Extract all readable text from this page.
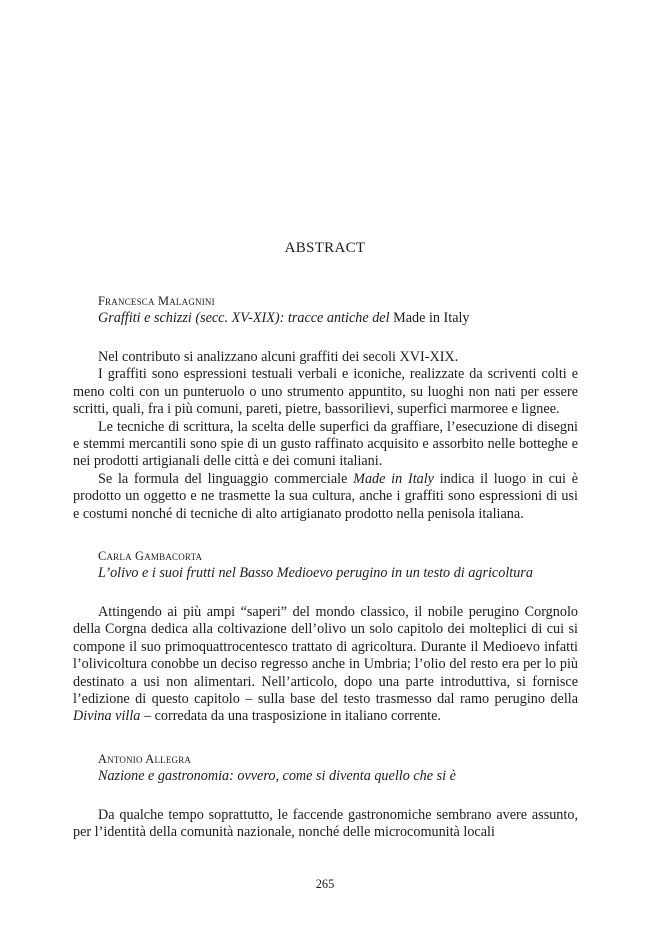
ABSTRACT
Francesca Malagnini
Graffiti e schizzi (secc. XV-XIX): tracce antiche del Made in Italy

Nel contributo si analizzano alcuni graffiti dei secoli XVI-XIX.

I graffiti sono espressioni testuali verbali e iconiche, realizzate da scriventi colti e meno colti con un punteruolo o uno strumento appuntito, su luoghi non nati per essere scritti, quali, fra i più comuni, pareti, pietre, bassorilievi, superfici marmoree e lignee.

Le tecniche di scrittura, la scelta delle superfici da graffiare, l’esecuzione di disegni e stemmi mercantili sono spie di un gusto raffinato acquisito e assorbito nelle botteghe e nei prodotti artigianali delle città e dei comuni italiani.

Se la formula del linguaggio commerciale Made in Italy indica il luogo in cui è prodotto un oggetto e ne trasmette la sua cultura, anche i graffiti sono espressioni di usi e costumi nonché di tecniche di alto artigianato prodotto nella penisola italiana.

Carla Gambacorta
L’olivo e i suoi frutti nel Basso Medioevo perugino in un testo di agricoltura

Attingendo ai più ampi “saperi” del mondo classico, il nobile perugino Corgnolo della Corgna dedica alla coltivazione dell’olivo un solo capitolo dei molteplici di cui si compone il suo primoquattrocentesco trattato di agricoltura. Durante il Medioevo infatti l’olivicoltura conobbe un deciso regresso anche in Umbria; l’olio del resto era per lo più destinato a usi non alimentari. Nell’articolo, dopo una parte introduttiva, si fornisce l’edizione di questo capitolo – sulla base del testo trasmesso dal ramo perugino della Divina villa – corredata da una trasposizione in italiano corrente.

Antonio Allegra
Nazione e gastronomia: ovvero, come si diventa quello che si è

Da qualche tempo soprattutto, le faccende gastronomiche sembrano avere assunto, per l’identità della comunità nazionale, nonché delle microcomunità locali

265
